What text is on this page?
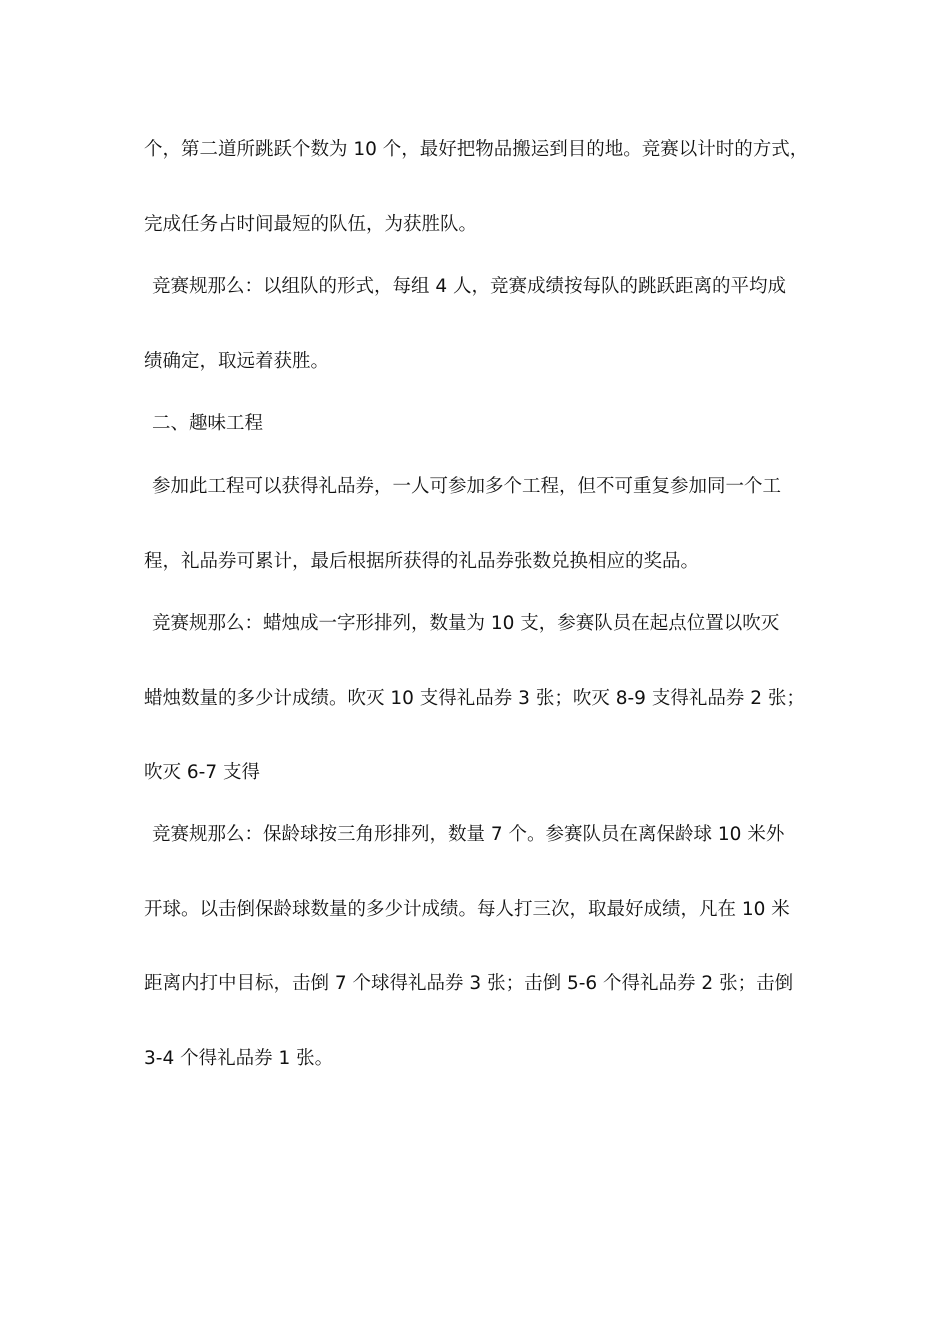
个，第二道所跳跃个数为 10 个，最好把物品搬运到目的地。竞赛以计时的方式，
完成任务占时间最短的队伍，为获胜队。
竞赛规那么：以组队的形式，每组 4 人，竞赛成绩按每队的跳跃距离的平均成
绩确定，取远着获胜。
二、趣味工程
参加此工程可以获得礼品券，一人可参加多个工程，但不可重复参加同一个工
程，礼品券可累计，最后根据所获得的礼品券张数兑换相应的奖品。
竞赛规那么：蜡烛成一字形排列，数量为 10 支，参赛队员在起点位置以吹灭
蜡烛数量的多少计成绩。吹灭 10 支得礼品券 3 张；吹灭 8-9 支得礼品券 2 张；
吹灭 6-7 支得
竞赛规那么：保龄球按三角形排列，数量 7 个。参赛队员在离保龄球 10 米外
开球。以击倒保龄球数量的多少计成绩。每人打三次，取最好成绩，凡在 10 米
距离内打中目标，击倒 7 个球得礼品券 3 张；击倒 5-6 个得礼品券 2 张；击倒
3-4 个得礼品券 1 张。
